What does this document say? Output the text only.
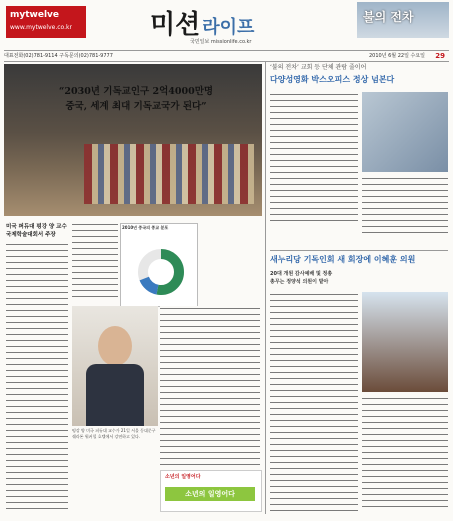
mytwelve
www.mytwelve.co.kr	미션 라이프	불의 전차
국민일보 missionlife.co.kr
대표전화(02)781-9114 구독문의(02)781-9777	2010년 6월 22일 수요일 29
“2030년 기독교인구 2억4000만명
중국, 세계 최대 기독교국가 된다”
미국 퍼듀대 펑강 양 교수 국제학술대회서 주장
2010년 중국의 종교 분포
펑강 양 미국 퍼듀대 교수가 21일 서울 동대문구 쉐라톤 워커힐 호텔에서 강연하고 있다.
소년의 일영어다
소년의 일영어다
‘불의 전차’ 교회 등 단체 관람 줄이어
다양성영화 박스오피스 정상 넘본다
새누리당 기독인회 새 회장에 이혜훈 의원
20대 개원 감사예배 및 정총
총무는 정양석 의원이 맡아
